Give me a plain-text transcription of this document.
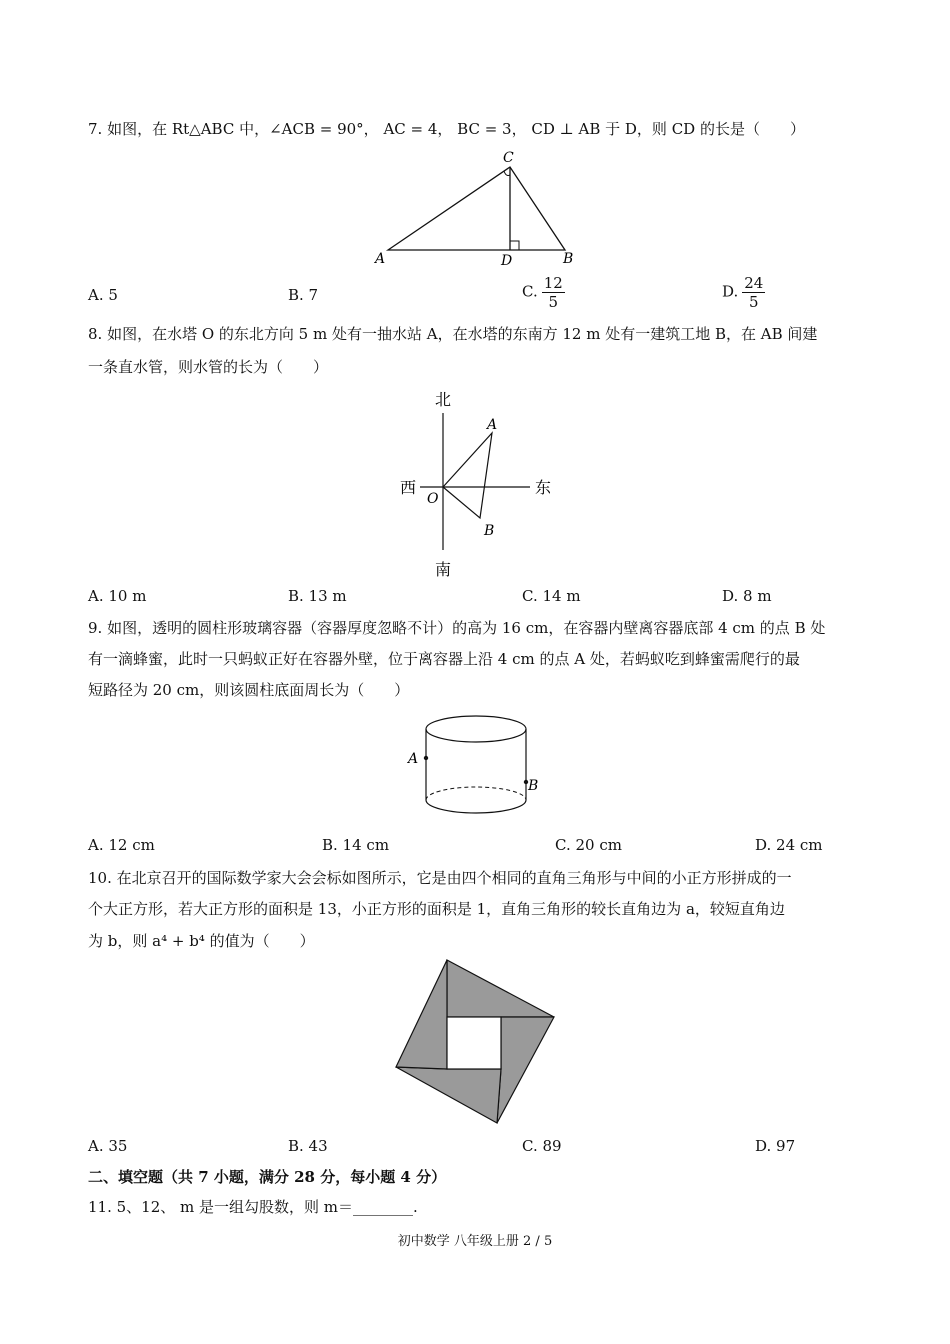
7. 如图，在 Rt△ABC 中，∠ACB = 90°， AC = 4， BC = 3， CD ⊥ AB 于 D，则 CD 的长是（　　）
C
A	D	B
A. 5	B. 7	C. $\frac{12}{5}$	D. $\frac{24}{5}$
8. 如图，在水塔 O 的东北方向 5 m 处有一抽水站 A，在水塔的东南方 12 m 处有一建筑工地 B，在 AB 间建
一条直水管，则水管的长为（　　）
北
南
西	东
O
A
B
A. 10 m	B. 13 m	C. 14 m	D. 8 m
9. 如图，透明的圆柱形玻璃容器（容器厚度忽略不计）的高为 16 cm，在容器内壁离容器底部 4 cm 的点 B 处
有一滴蜂蜜，此时一只蚂蚁正好在容器外壁，位于离容器上沿 4 cm 的点 A 处，若蚂蚁吃到蜂蜜需爬行的最
短路径为 20 cm，则该圆柱底面周长为（　　）
A
B
A. 12 cm	B. 14 cm	C. 20 cm	D. 24 cm
10. 在北京召开的国际数学家大会会标如图所示，它是由四个相同的直角三角形与中间的小正方形拼成的一
个大正方形，若大正方形的面积是 13，小正方形的面积是 1，直角三角形的较长直角边为 a，较短直角边
为 b，则 a⁴ + b⁴ 的值为（　　）
A. 35	B. 43	C. 89	D. 97
二、填空题（共 7 小题，满分 28 分，每小题 4 分）
11. 5、12、 m 是一组勾股数，则 m＝________.
初中数学 八年级上册 2 / 5
